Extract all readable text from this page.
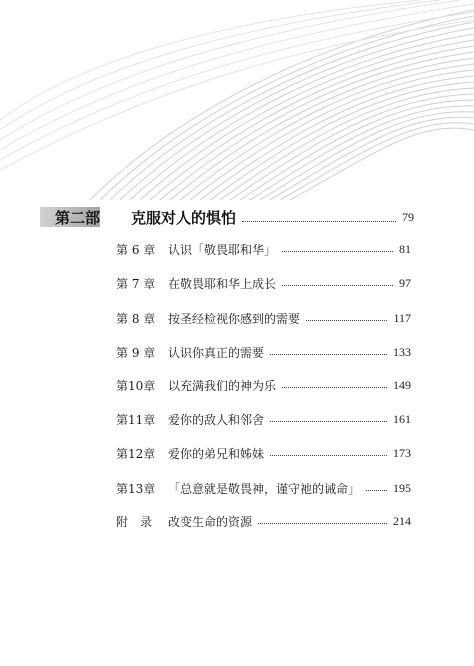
第二部	克服对人的惧怕	79
第 6 章	认识「敬畏耶和华」	81
第 7 章	在敬畏耶和华上成长	97
第 8 章	按圣经检视你感到的需要	117
第 9 章	认识你真正的需要	133
第10章	以充满我们的神为乐	149
第11章	爱你的敌人和邻舍	161
第12章	爱你的弟兄和姊妹	173
第13章	「总意就是敬畏神，谨守祂的诫命」	195
附　录	改变生命的资源	214
